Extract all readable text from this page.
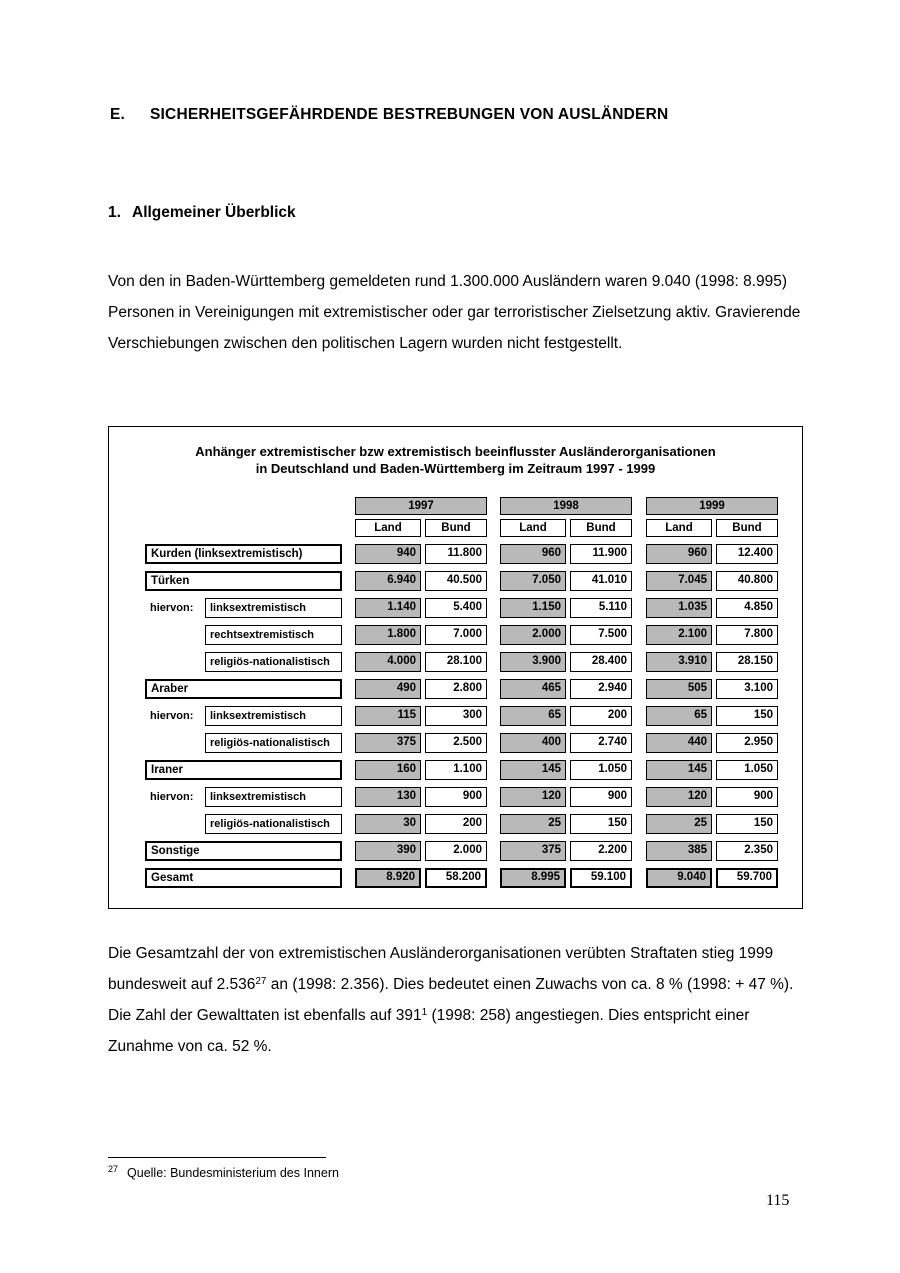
E.	SICHERHEITSGEFÄHRDENDE BESTREBUNGEN VON AUSLÄNDERN
1. Allgemeiner Überblick

Von den in Baden-Württemberg gemeldeten rund 1.300.000 Ausländern waren 9.040 (1998: 8.995) Personen in Vereinigungen mit extremistischer oder gar terroristischer Zielsetzung aktiv. Gravierende Verschiebungen zwischen den politischen Lagern wurden nicht festgestellt.

Anhänger extremistischer bzw extremistisch beeinflusster Ausländerorganisationen
in Deutschland und Baden-Württemberg im Zeitraum 1997 - 1999
1997	1998	1999
Land	Bund	Land	Bund	Land	Bund
Kurden (linksextremistisch)	940	11.800	960	11.900	960	12.400
Türken	6.940	40.500	7.050	41.010	7.045	40.800
hiervon:	linksextremistisch	1.140	5.400	1.150	5.110	1.035	4.850
rechtsextremistisch	1.800	7.000	2.000	7.500	2.100	7.800
religiös-nationalistisch	4.000	28.100	3.900	28.400	3.910	28.150
Araber	490	2.800	465	2.940	505	3.100
hiervon:	linksextremistisch	115	300	65	200	65	150
religiös-nationalistisch	375	2.500	400	2.740	440	2.950
Iraner	160	1.100	145	1.050	145	1.050
hiervon:	linksextremistisch	130	900	120	900	120	900
religiös-nationalistisch	30	200	25	150	25	150
Sonstige	390	2.000	375	2.200	385	2.350
Gesamt	8.920	58.200	8.995	59.100	9.040	59.700

Die Gesamtzahl der von extremistischen Ausländerorganisationen verübten Straftaten stieg 1999 bundesweit auf 2.536$^{27}$ an (1998: 2.356). Dies bedeutet einen Zuwachs von ca. 8 % (1998: + 47 %). Die Zahl der Gewalttaten ist ebenfalls auf $391^1$ (1998: 258) angestiegen. Dies entspricht einer Zunahme von ca. 52 %.

$^{27}$ Quelle: Bundesministerium des Innern
115
